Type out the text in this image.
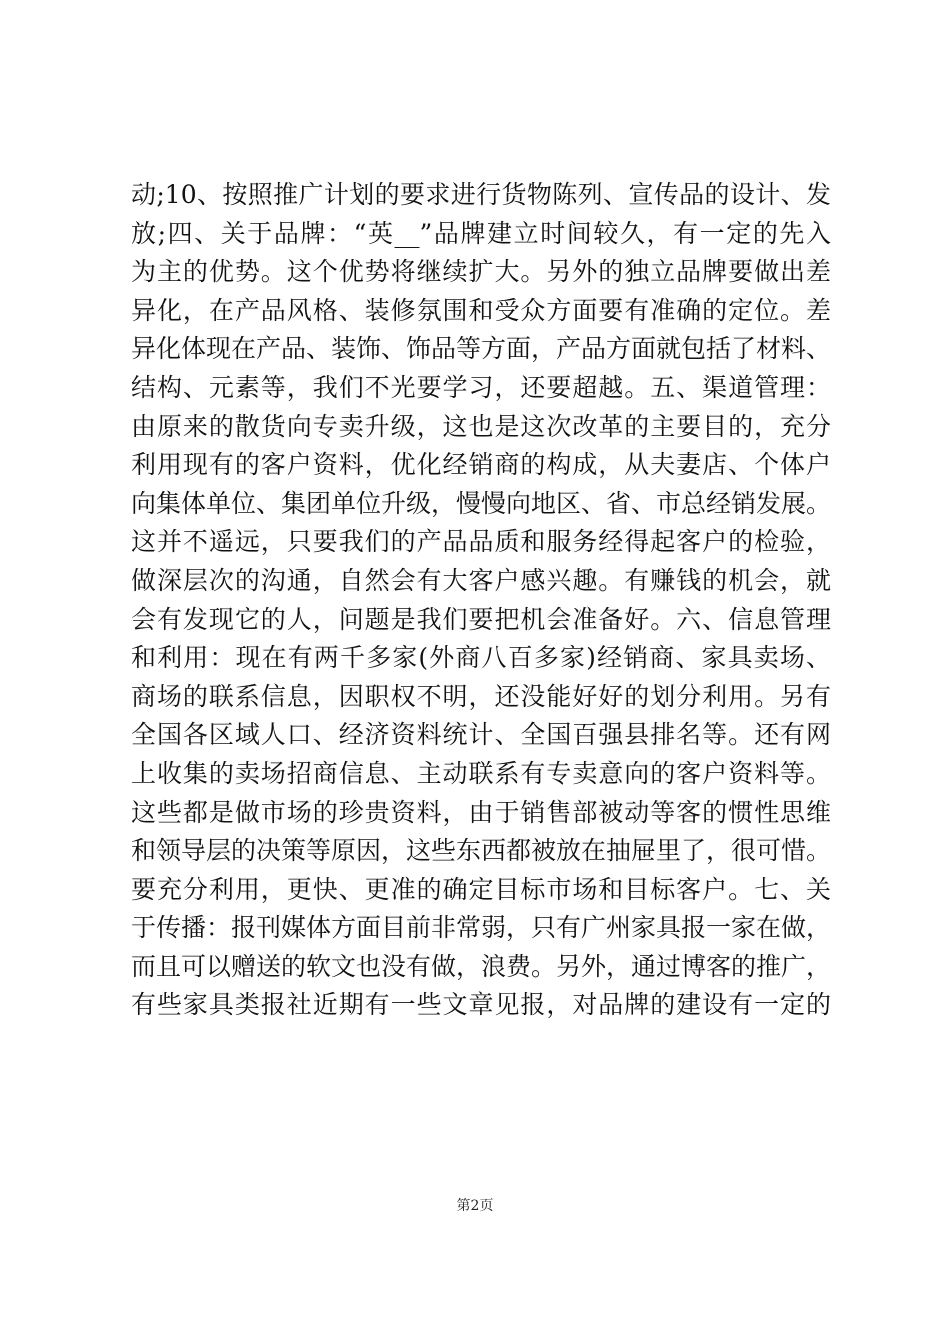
动;10、按照推广计划的要求进行货物陈列、宣传品的设计、发
放;四、关于品牌：“英__”品牌建立时间较久，有一定的先入
为主的优势。这个优势将继续扩大。另外的独立品牌要做出差
异化，在产品风格、装修氛围和受众方面要有准确的定位。差
异化体现在产品、装饰、饰品等方面，产品方面就包括了材料、
结构、元素等，我们不光要学习，还要超越。五、渠道管理：
由原来的散货向专卖升级，这也是这次改革的主要目的，充分
利用现有的客户资料，优化经销商的构成，从夫妻店、个体户
向集体单位、集团单位升级，慢慢向地区、省、市总经销发展。
这并不遥远，只要我们的产品品质和服务经得起客户的检验，
做深层次的沟通，自然会有大客户感兴趣。有赚钱的机会，就
会有发现它的人，问题是我们要把机会准备好。六、信息管理
和利用：现在有两千多家(外商八百多家)经销商、家具卖场、
商场的联系信息，因职权不明，还没能好好的划分利用。另有
全国各区域人口、经济资料统计、全国百强县排名等。还有网
上收集的卖场招商信息、主动联系有专卖意向的客户资料等。
这些都是做市场的珍贵资料，由于销售部被动等客的惯性思维
和领导层的决策等原因，这些东西都被放在抽屉里了，很可惜。
要充分利用，更快、更准的确定目标市场和目标客户。七、关
于传播：报刊媒体方面目前非常弱，只有广州家具报一家在做，
而且可以赠送的软文也没有做，浪费。另外，通过博客的推广，
有些家具类报社近期有一些文章见报，对品牌的建设有一定的
第2页
